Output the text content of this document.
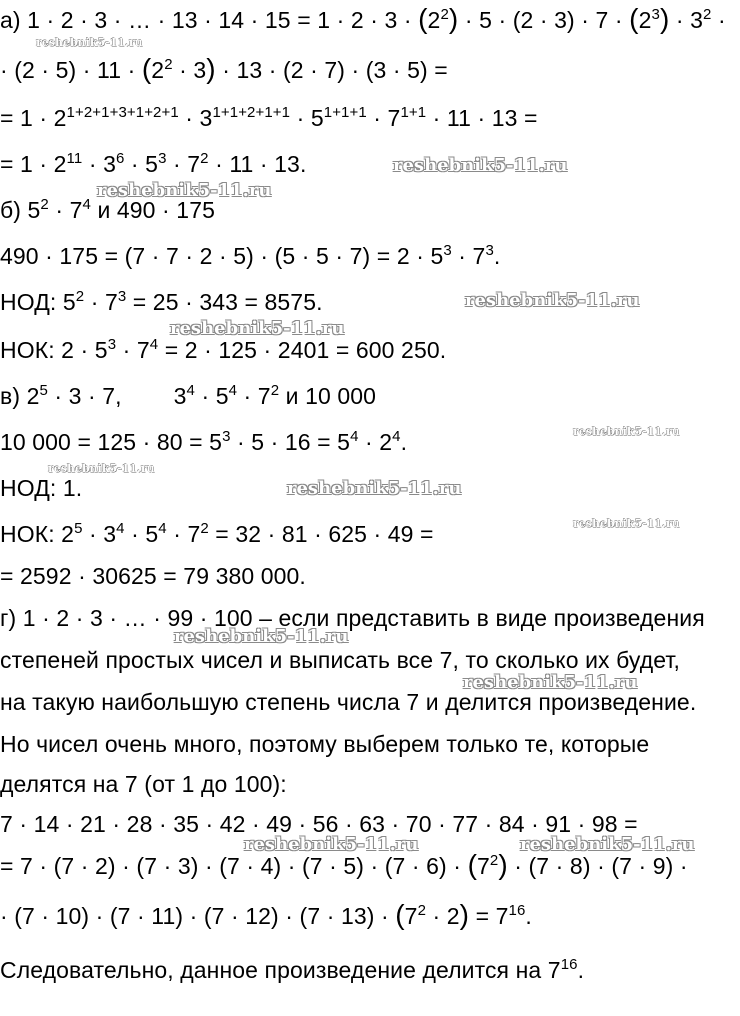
а) 1 · 2 · 3 · … · $13 \cdot 14 \cdot 15 = 1 \cdot 2 \cdot 3 \cdot (2^2) \cdot 5 \cdot (2 \cdot 3) \cdot 7 \cdot (2^3) \cdot 3^2$ ·
· $(2 \cdot 5) \cdot 11 \cdot (2^2 \cdot 3) \cdot 13 \cdot (2 \cdot 7) \cdot (3 \cdot 5)$ =
= $1 \cdot 2^{1+2+1+3+1+2+1} \cdot 3^{1+1+2+1+1} \cdot 5^{1+1+1} \cdot 7^{1+1} \cdot 11 \cdot 13$ =
= $1 \cdot 2^{11} \cdot 3^6 \cdot 5^3 \cdot 7^2 \cdot 11 \cdot 13$.
б) $5^2 \cdot 7^4$ и 490 · 175
$490 \cdot 175 = (7 \cdot 7 \cdot 2 \cdot 5) \cdot (5 \cdot 5 \cdot 7) = 2 \cdot 5^3 \cdot 7^3$.
НОД: $5^2 \cdot 7^3 = 25 \cdot 343 = 8575$.
НОК: $2 \cdot 5^3 \cdot 7^4 = 2 \cdot 125 \cdot 2401 = 600$ 250.
в) $2^5 \cdot 3 \cdot 7$,        $3^4 \cdot 5^4 \cdot 7^2$ и 10 000
10 $000 = 125 \cdot 80 = 5^3 \cdot 5 \cdot 16 = 5^4 \cdot 2^4$.
НОД: 1.
НОК: $2^5 \cdot 3^4 \cdot 5^4 \cdot 7^2 = 32 \cdot 81 \cdot 625 \cdot 49$ =
= 2592 · 30625 = 79 380 000.
г) 1 · 2 · 3 · … · 99 · 100 – если представить в виде произведения
степеней простых чисел и выписать все 7, то сколько их будет,
на такую наибольшую степень числа 7 и делится произведение.
Но чисел очень много, поэтому выберем только те, которые
делятся на 7 (от 1 до 100):
7 · 14 · 21 · 28 · 35 · 42 · 49 · 56 · 63 · 70 · 77 · 84 · 91 · 98 =
= $7 \cdot (7 \cdot 2) \cdot (7 \cdot 3) \cdot (7 \cdot 4) \cdot (7 \cdot 5) \cdot (7 \cdot 6) \cdot (7^2) \cdot (7 \cdot 8) \cdot (7 \cdot 9)$ ·
· $(7 \cdot 10) \cdot (7 \cdot 11) \cdot (7 \cdot 12) \cdot (7 \cdot 13) \cdot (7^2 \cdot 2) = 7^{16}$.
Следовательно, данное произведение делится на $7^{16}$.
reshebnik5-11.ru
reshebnik5-11.ru
reshebnik5-11.ru
reshebnik5-11.ru
reshebnik5-11.ru
reshebnik5-11.ru
reshebnik5-11.ru
reshebnik5-11.ru
reshebnik5-11.ru
reshebnik5-11.ru
reshebnik5-11.ru
reshebnik5-11.ru	reshebnik5-11.ru
